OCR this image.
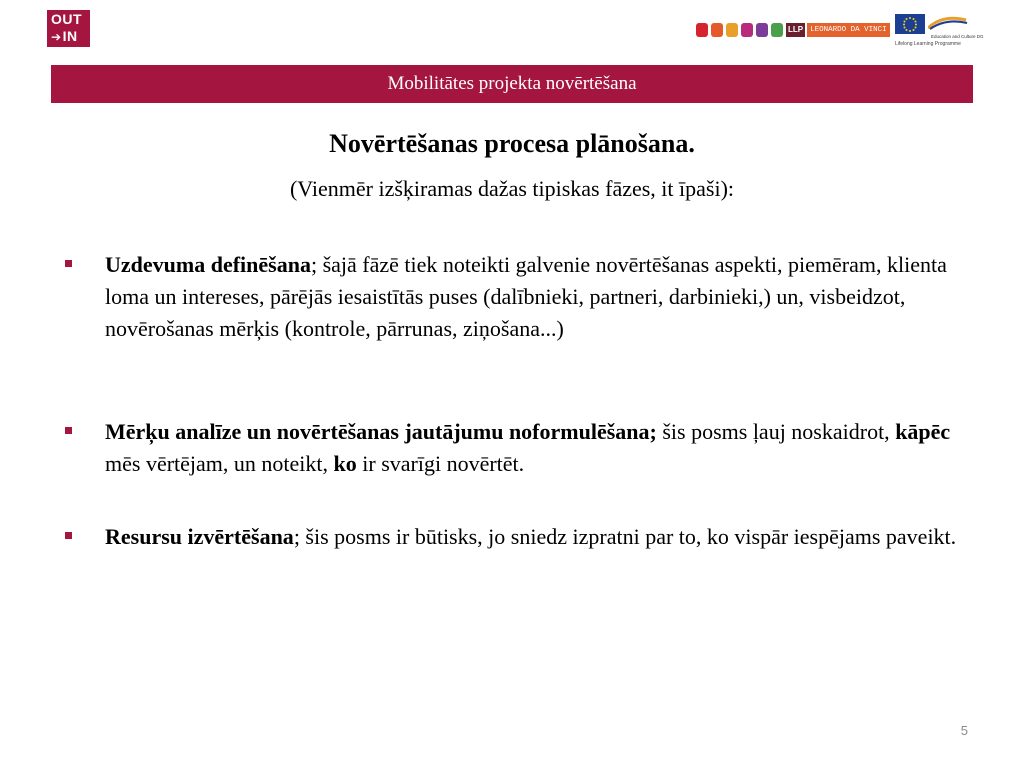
OUT
➔IN	LLP LEONARDO DA VINCI
Education and Culture DG
Lifelong Learning Programme
Mobilitātes projekta novērtēšana
Novērtēšanas procesa plānošana.
(Vienmēr izšķiramas dažas tipiskas fāzes, it īpaši):
Uzdevuma definēšana; šajā fāzē tiek noteikti galvenie novērtēšanas aspekti, piemēram, klienta loma un intereses, pārējās iesaistītās puses (dalībnieki, partneri, darbinieki,) un, visbeidzot, novērošanas mērķis (kontrole, pārrunas, ziņošana...)
Mērķu analīze un novērtēšanas jautājumu noformulēšana; šis posms ļauj noskaidrot, kāpēc mēs vērtējam, un noteikt, ko ir svarīgi novērtēt.
Resursu izvērtēšana; šis posms ir būtisks, jo sniedz izpratni par to, ko vispār iespējams paveikt.
5
